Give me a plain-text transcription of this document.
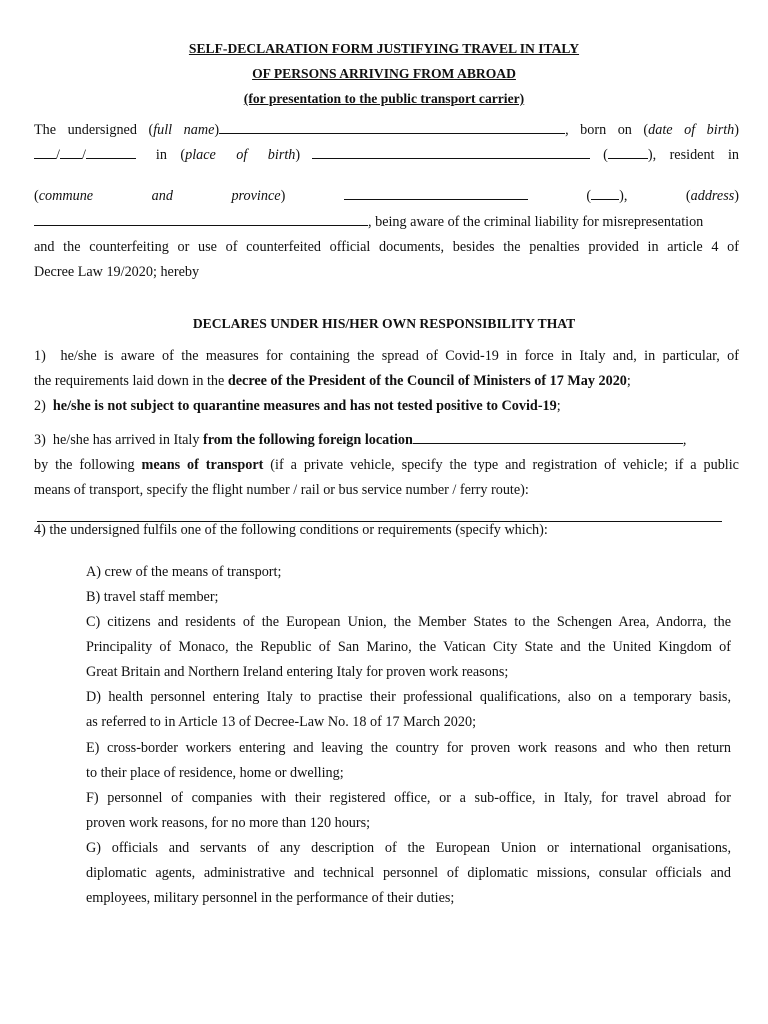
SELF-DECLARATION FORM JUSTIFYING TRAVEL IN ITALY
OF PERSONS ARRIVING FROM ABROAD
(for presentation to the public transport carrier)
The undersigned (full name)	, born on (date of birth)
/ /	in (place of birth)	(	), resident in
(commune	and	province)	( ),	(address)
, being aware of the criminal liability for misrepresentation
and the counterfeiting or use of counterfeited official documents, besides the penalties provided in article 4 of
Decree Law 19/2020; hereby
DECLARES UNDER HIS/HER OWN RESPONSIBILITY THAT
1)  he/she is aware of the measures for containing the spread of Covid-19 in force in Italy and, in particular, of
the requirements laid down in the decree of the President of the Council of Ministers of 17 May 2020;
2)  he/she is not subject to quarantine measures and has not tested positive to Covid-19;
3)  he/she has arrived in Italy from the following foreign location	,
by the following means of transport (if a private vehicle, specify the type and registration of vehicle; if a public
means of transport, specify the flight number / rail or bus service number / ferry route):
4) the undersigned fulfils one of the following conditions or requirements (specify which):
A) crew of the means of transport;
B) travel staff member;
C) citizens and residents of the European Union, the Member States to the Schengen Area, Andorra, the
Principality of Monaco, the Republic of San Marino, the Vatican City State and the United Kingdom of
Great Britain and Northern Ireland entering Italy for proven work reasons;
D) health personnel entering Italy to practise their professional qualifications, also on a temporary basis,
as referred to in Article 13 of Decree-Law No. 18 of 17 March 2020;
E) cross-border workers entering and leaving the country for proven work reasons and who then return
to their place of residence, home or dwelling;
F) personnel of companies with their registered office, or a sub-office, in Italy, for travel abroad for
proven work reasons, for no more than 120 hours;
G) officials and servants of any description of the European Union or international organisations,
diplomatic agents, administrative and technical personnel of diplomatic missions, consular officials and
employees, military personnel in the performance of their duties;
